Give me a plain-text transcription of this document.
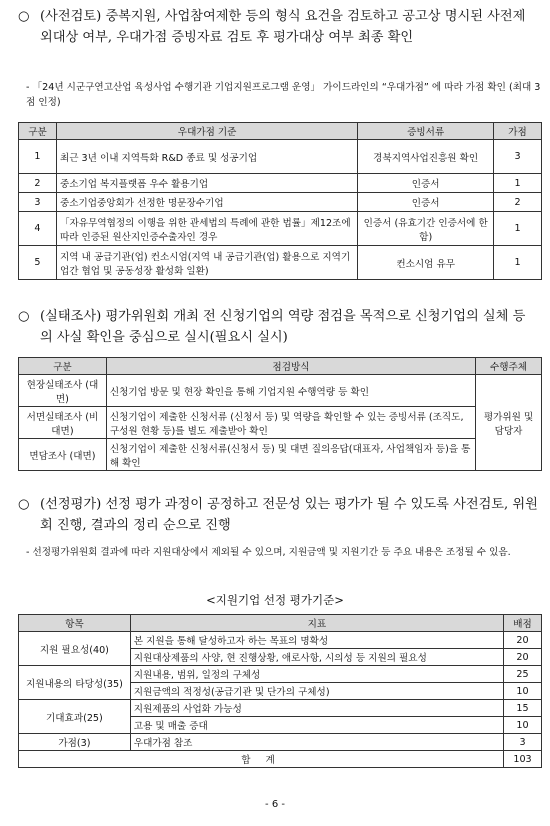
○ (사전검토) 중복지원, 사업참여제한 등의 형식 요건을 검토하고 공고상 명시된 사전제외대상 여부, 우대가점 증빙자료 검토 후 평가대상 여부 최종 확인
- 「24년 시군구연고산업 육성사업 수행기관 기업지원프로그램 운영」 가이드라인의 “우대가점” 에 따라 가점 확인 (최대 3점 인정)
구분	우대가점 기준	증빙서류	가점
1	최근 3년 이내 지역특화 R&D 종료 및 성공기업	경북지역사업진흥원 확인	3
2	중소기업 복지플랫폼 우수 활용기업	인증서	1
3	중소기업중앙회가 선정한 명문장수기업	인증서	2
4	「자유무역협정의 이행을 위한 관세법의 특례에 관한 법률」제12조에 따라 인증된 원산지인증수출자인 경우	인증서 (유효기간 인증서에 한함)	1
5	지역 내 공급기관(업) 컨소시엄(지역 내 공급기관(업) 활용으로 지역기업간 협업 및 공동성장 활성화 일환)	컨소시엄 유무	1
○ (실태조사) 평가위원회 개최 전 신청기업의 역량 점검을 목적으로 신청기업의 실체 등의 사실 확인을 중심으로 실시(필요시 실시)
구분	점검방식	수행주체
현장실태조사 (대면)	신청기업 방문 및 현장 확인을 통해 기업지원 수행역량 등 확인	평가위원 및 담당자
서면실태조사 (비대면)	신청기업이 제출한 신청서류 (신청서 등) 및 역량을 확인할 수 있는 증빙서류 (조직도, 구성원 현황 등)를 별도 제출받아 확인	
면담조사 (대면)	신청기업이 제출한 신청서류(신청서 등) 및 대면 질의응답(대표자, 사업책임자 등)을 통해 확인	
○ (선정평가) 선정 평가 과정이 공정하고 전문성 있는 평가가 될 수 있도록 사전검토, 위원회 진행, 결과의 정리 순으로 진행
- 선정평가위원회 결과에 따라 지원대상에서 제외될 수 있으며, 지원금액 및 지원기간 등 주요 내용은 조정될 수 있음.
<지원기업 선정 평가기준>
항목	지표	배점
지원 필요성(40)	본 지원을 통해 달성하고자 하는 목표의 명확성	20
	지원대상제품의 사양, 현 진행상황, 애로사항, 시의성 등 지원의 필요성	20
지원내용의 타당성(35)	지원내용, 범위, 일정의 구체성	25
	지원금액의 적정성(공급기관 및 단가의 구체성)	10
기대효과(25)	지원제품의 사업화 가능성	15
	고용 및 매출 증대	10
가점(3)	우대가점 참조	3
합 계		103
- 6 -
